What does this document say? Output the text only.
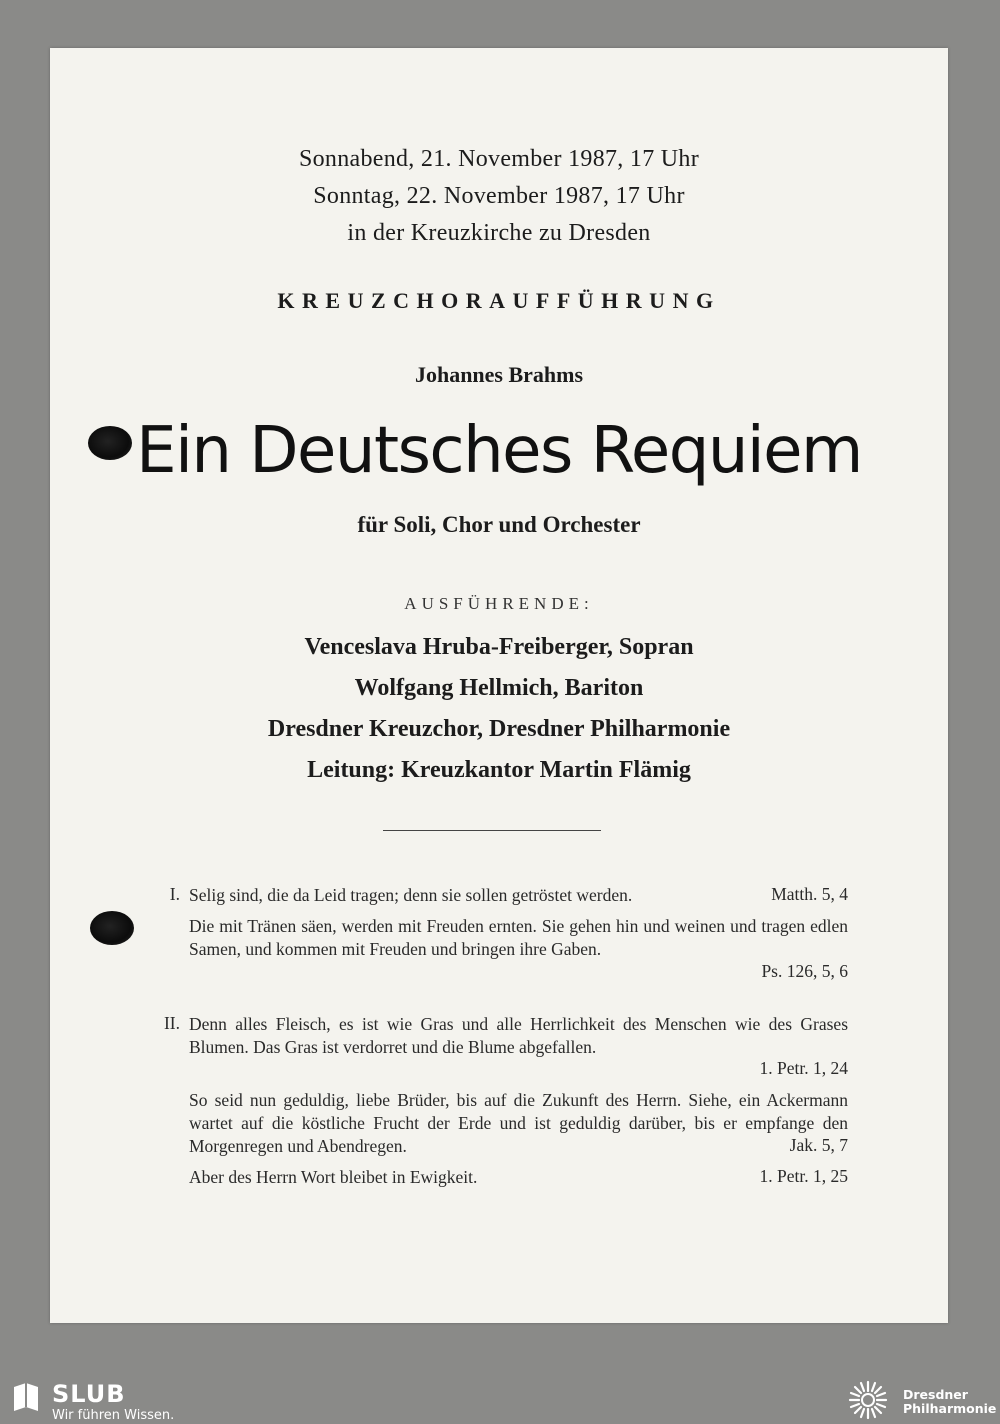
Sonnabend, 21. November 1987, 17 Uhr
Sonntag, 22. November 1987, 17 Uhr
in der Kreuzkirche zu Dresden
KREUZCHORAUFFÜHRUNG
Johannes Brahms
Ein Deutsches Requiem
für Soli, Chor und Orchester
AUSFÜHRENDE:
Venceslava Hruba-Freiberger, Sopran
Wolfgang Hellmich, Bariton
Dresdner Kreuzchor, Dresdner Philharmonie
Leitung: Kreuzkantor Martin Flämig
I. Selig sind, die da Leid tragen; denn sie sollen getröstet werden.	Matth. 5, 4
Die mit Tränen säen, werden mit Freuden ernten. Sie gehen hin und weinen und tragen edlen Samen, und kommen mit Freuden und bringen ihre Gaben.
Ps. 126, 5, 6
II. Denn alles Fleisch, es ist wie Gras und alle Herrlichkeit des Menschen wie des Grases Blumen. Das Gras ist verdorret und die Blume abgefallen.
1. Petr. 1, 24
So seid nun geduldig, liebe Brüder, bis auf die Zukunft des Herrn. Siehe, ein Ackermann wartet auf die köstliche Frucht der Erde und ist geduldig darüber, bis er empfange den Morgenregen und Abendregen.	Jak. 5, 7
Aber des Herrn Wort bleibet in Ewigkeit.	1. Petr. 1, 25
SLUB
Wir führen Wissen.
Dresdner
Philharmonie
